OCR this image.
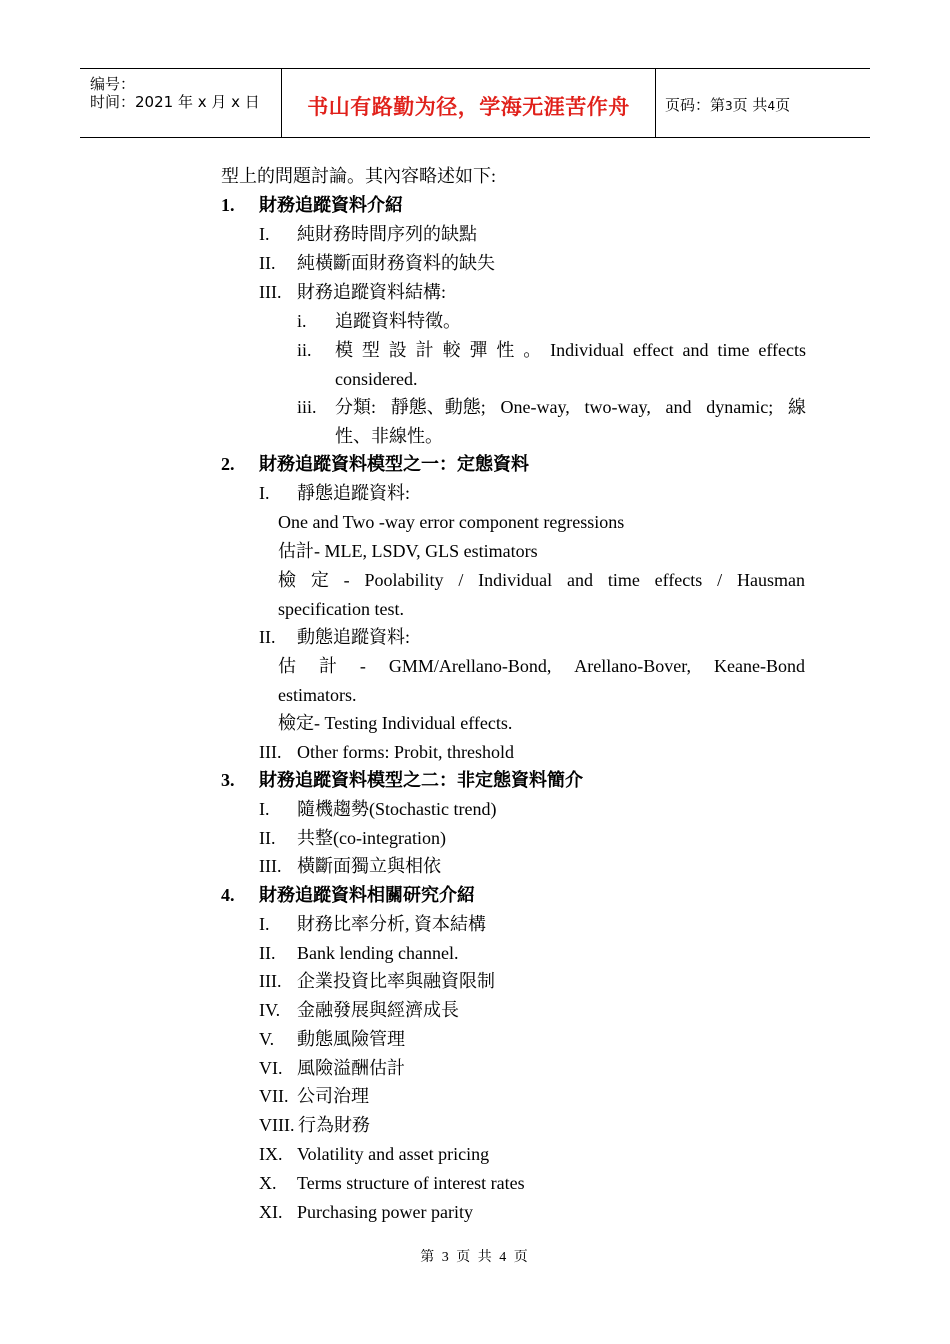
编号：
时间：2021 年 x 月 x 日	书山有路勤为径，学海无涯苦作舟	页码：第3页 共4页
型上的問題討論。其內容略述如下:
1. 財務追蹤資料介紹
I. 純財務時間序列的缺點
II. 純橫斷面財務資料的缺失
III. 財務追蹤資料結構:
i. 追蹤資料特徵。
ii. 模 型 設 計 較 彈 性 。 Individual effect and time effects
considered.
iii. 分類: 靜態、動態; One-way, two-way, and dynamic; 線
性、非線性。
2. 財務追蹤資料模型之一：定態資料
I. 靜態追蹤資料:
One and Two -way error component regressions
估計- MLE, LSDV, GLS estimators
檢 定 - Poolability / Individual and time effects / Hausman
specification test.
II. 動態追蹤資料:
估 計 - GMM/Arellano-Bond, Arellano-Bover, Keane-Bond
estimators.
檢定- Testing Individual effects.
III. Other forms: Probit, threshold
3. 財務追蹤資料模型之二：非定態資料簡介
I. 隨機趨勢(Stochastic trend)
II. 共整(co-integration)
III. 橫斷面獨立與相依
4. 財務追蹤資料相關研究介紹
I. 財務比率分析, 資本結構
II. Bank lending channel.
III. 企業投資比率與融資限制
IV. 金融發展與經濟成長
V. 動態風險管理
VI. 風險溢酬估計
VII. 公司治理
VIII. 行為財務
IX. Volatility and asset pricing
X. Terms structure of interest rates
XI. Purchasing power parity
第 3 页 共 4 页
